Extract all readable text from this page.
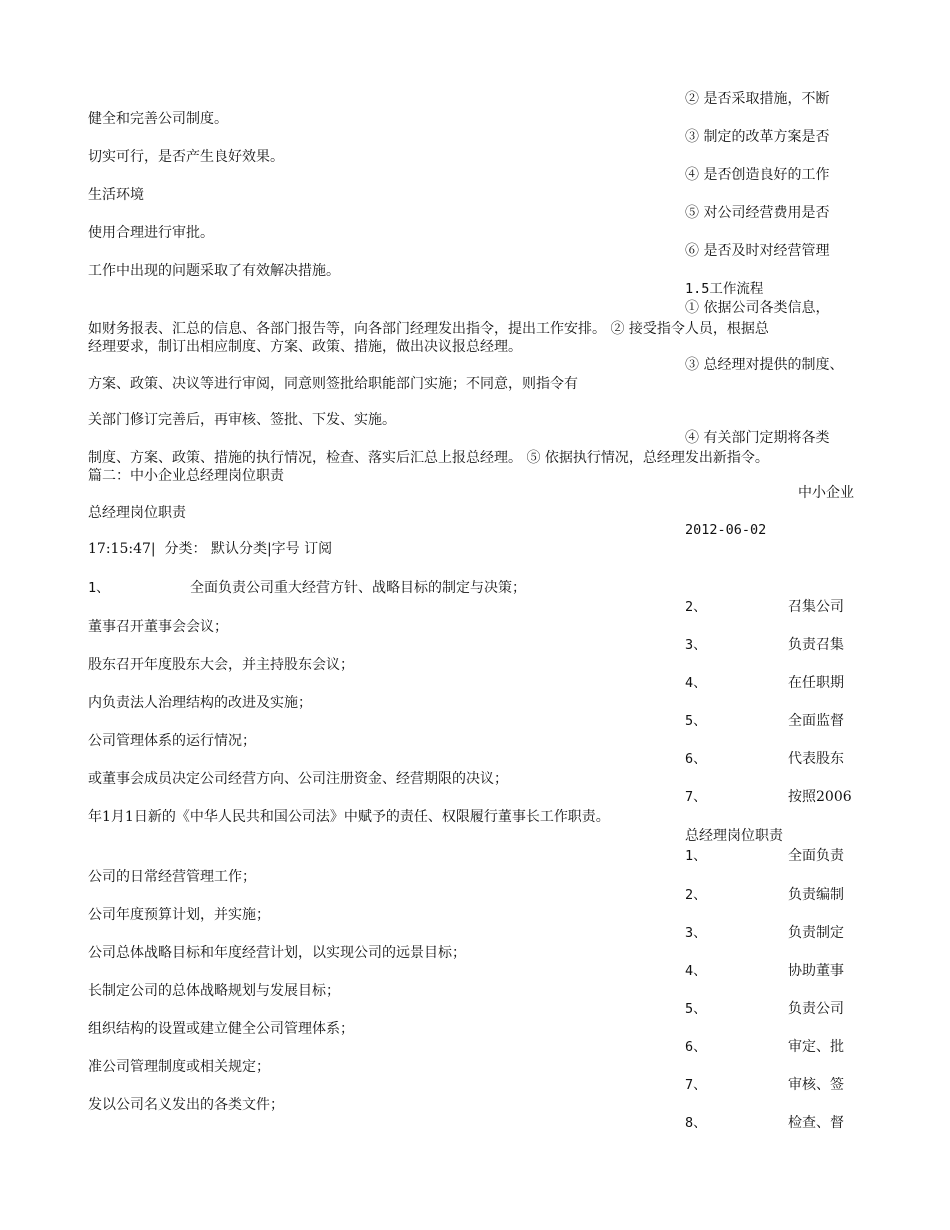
② 是否采取措施，不断
健全和完善公司制度。
③ 制定的改革方案是否
切实可行，是否产生良好效果。
④ 是否创造良好的工作
生活环境
⑤ 对公司经营费用是否
使用合理进行审批。
⑥ 是否及时对经营管理
工作中出现的问题采取了有效解决措施。
1.5工作流程
① 依据公司各类信息，
如财务报表、汇总的信息、各部门报告等，向各部门经理发出指令，提出工作安排。 ② 接受指令人员，根据总
经理要求，制订出相应制度、方案、政策、措施，做出决议报总经理。
③ 总经理对提供的制度、
方案、政策、决议等进行审阅，同意则签批给职能部门实施；不同意，则指令有
关部门修订完善后，再审核、签批、下发、实施。
④ 有关部门定期将各类
制度、方案、政策、措施的执行情况，检查、落实后汇总上报总经理。 ⑤ 依据执行情况，总经理发出新指令。
篇二：中小企业总经理岗位职责
中小企业
总经理岗位职责
2012-06-02
17:15:47|  分类： 默认分类|字号 订阅
1、	全面负责公司重大经营方针、战略目标的制定与决策；
2、	召集公司
董事召开董事会会议；
3、	负责召集
股东召开年度股东大会，并主持股东会议；
4、	在任职期
内负责法人治理结构的改进及实施；
5、	全面监督
公司管理体系的运行情况；
6、	代表股东
或董事会成员决定公司经营方向、公司注册资金、经营期限的决议；
7、	按照2006
年1月1日新的《中华人民共和国公司法》中赋予的责任、权限履行董事长工作职责。
总经理岗位职责
1、	全面负责
公司的日常经营管理工作；
2、	负责编制
公司年度预算计划，并实施；
3、	负责制定
公司总体战略目标和年度经营计划，以实现公司的远景目标；
4、	协助董事
长制定公司的总体战略规划与发展目标；
5、	负责公司
组织结构的设置或建立健全公司管理体系；
6、	审定、批
准公司管理制度或相关规定；
7、	审核、签
发以公司名义发出的各类文件；
8、	检查、督
